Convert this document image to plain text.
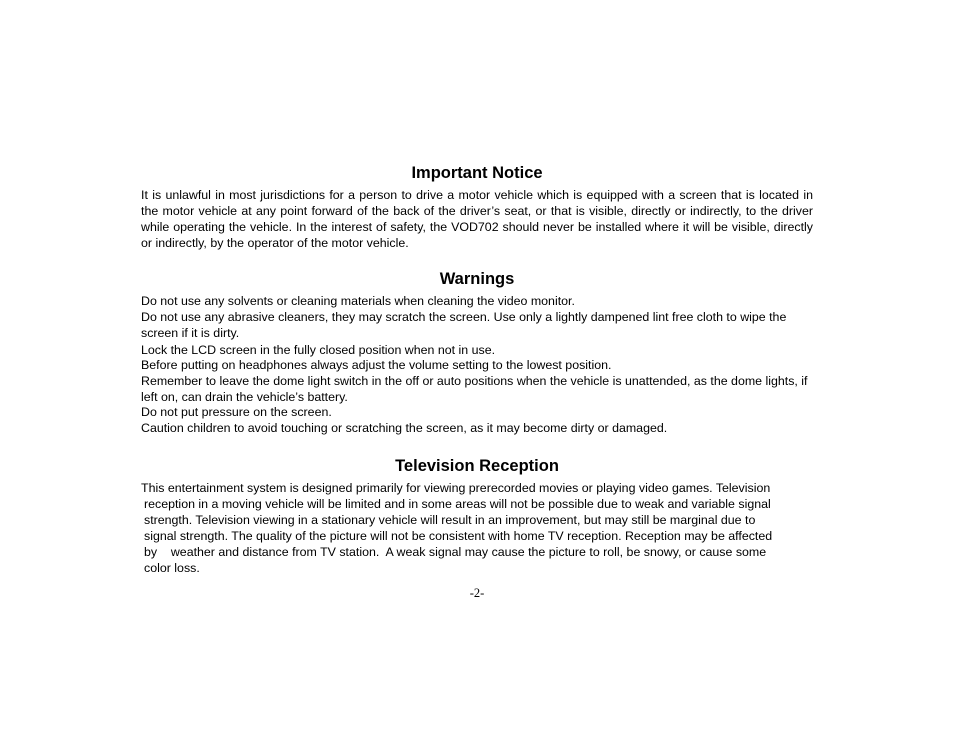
Important Notice

It is unlawful in most jurisdictions for a person to drive a motor vehicle which is equipped with a screen that is located in the motor vehicle at any point forward of the back of the driver’s seat, or that is visible, directly or indirectly, to the driver while operating the vehicle. In the interest of safety, the VOD702 should never be installed where it will be visible, directly or indirectly, by the operator of the motor vehicle.

Warnings

Do not use any solvents or cleaning materials when cleaning the video monitor.

Do not use any abrasive cleaners, they may scratch the screen. Use only a lightly dampened lint free cloth to wipe the screen if it is dirty.

Lock the LCD screen in the fully closed position when not in use.

Before putting on headphones always adjust the volume setting to the lowest position.

Remember to leave the dome light switch in the off or auto positions when the vehicle is unattended, as the dome lights, if left on, can drain the vehicle’s battery.

Do not put pressure on the screen.

Caution children to avoid touching or scratching the screen, as it may become dirty or damaged.

Television Reception
This entertainment system is designed primarily for viewing prerecorded movies or playing video games. Television
reception in a moving vehicle will be limited and in some areas will not be possible due to weak and variable signal
strength. Television viewing in a stationary vehicle will result in an improvement, but may still be marginal due to
signal strength. The quality of the picture will not be consistent with home TV reception. Reception may be affected
by    weather and distance from TV station.  A weak signal may cause the picture to roll, be snowy, or cause some
color loss.
-2-
